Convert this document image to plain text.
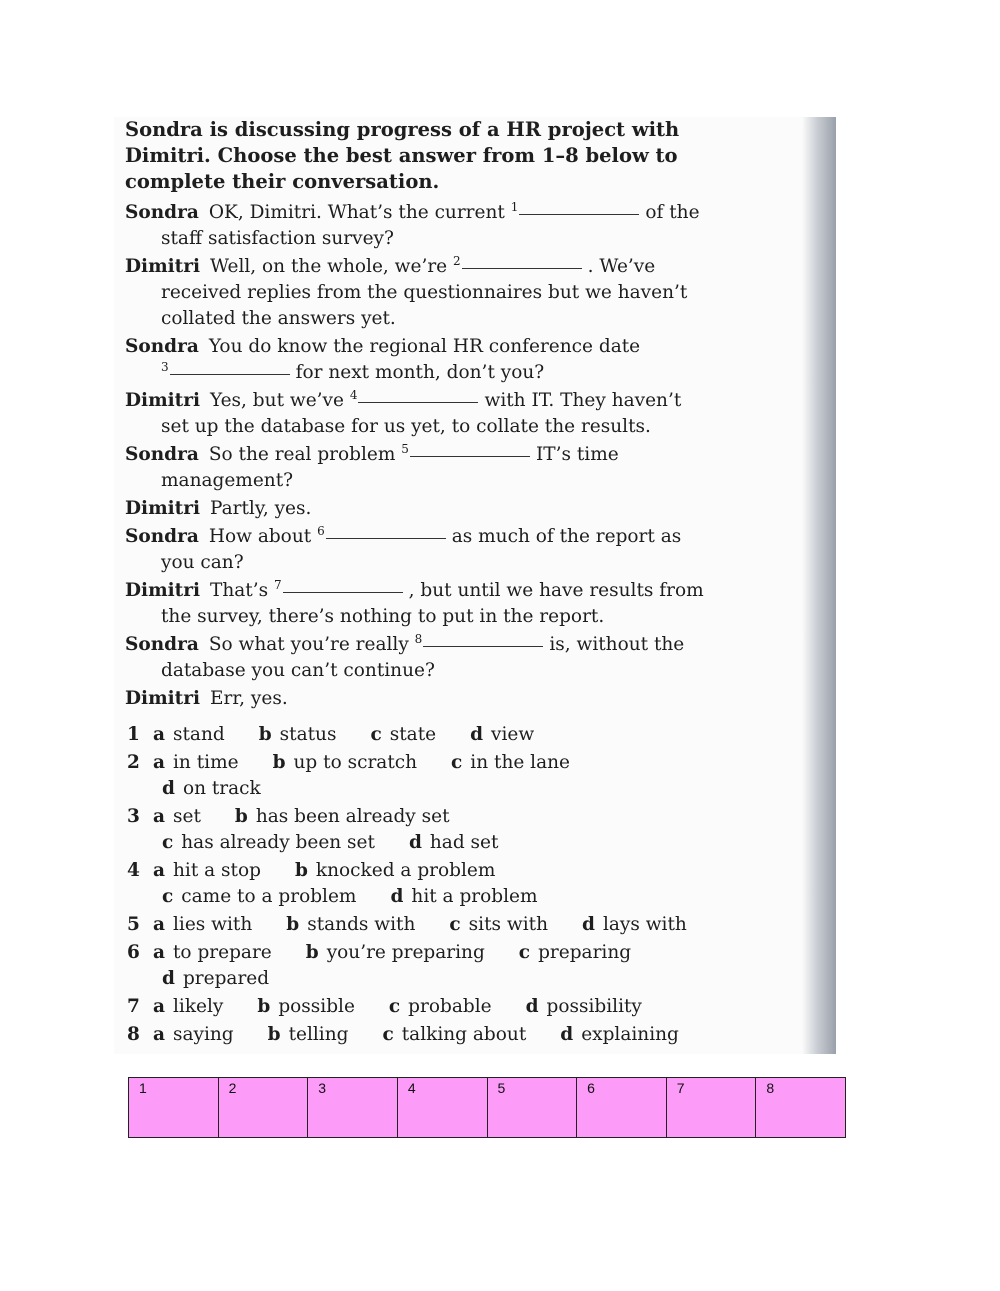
Sondra is discussing progress of a HR project with
Dimitri. Choose the best answer from 1–8 below to
complete their conversation.

Sondra OK, Dimitri. What’s the current $^1$	of the
staff satisfaction survey?
Dimitri Well, on the whole, we’re $^2$	. We’ve
received replies from the questionnaires but we haven’t
collated the answers yet.
Sondra You do know the regional HR conference date
$^3$	for next month, don’t you?
Dimitri Yes, but we’ve $^4$	with IT. They haven’t
set up the database for us yet, to collate the results.
Sondra So the real problem $^5$	IT’s time
management?
Dimitri Partly, yes.
Sondra How about $^6$	as much of the report as
you can?
Dimitri That’s $^7$	, but until we have results from
the survey, there’s nothing to put in the report.
Sondra So what you’re really $^8$	is, without the
database you can’t continue?
Dimitri Err, yes.
1 a stand b status c state d view
2 a in time b up to scratch c in the lane
d on track
3 a set b has been already set
c has already been set d had set
4 a hit a stop b knocked a problem
c came to a problem d hit a problem
5 a lies with b stands with c sits with d lays with
6 a to prepare b you’re preparing c preparing
d prepared
7 a likely b possible c probable d possibility
8 a saying b telling c talking about d explaining
1	2	3	4	5	6	7	8
